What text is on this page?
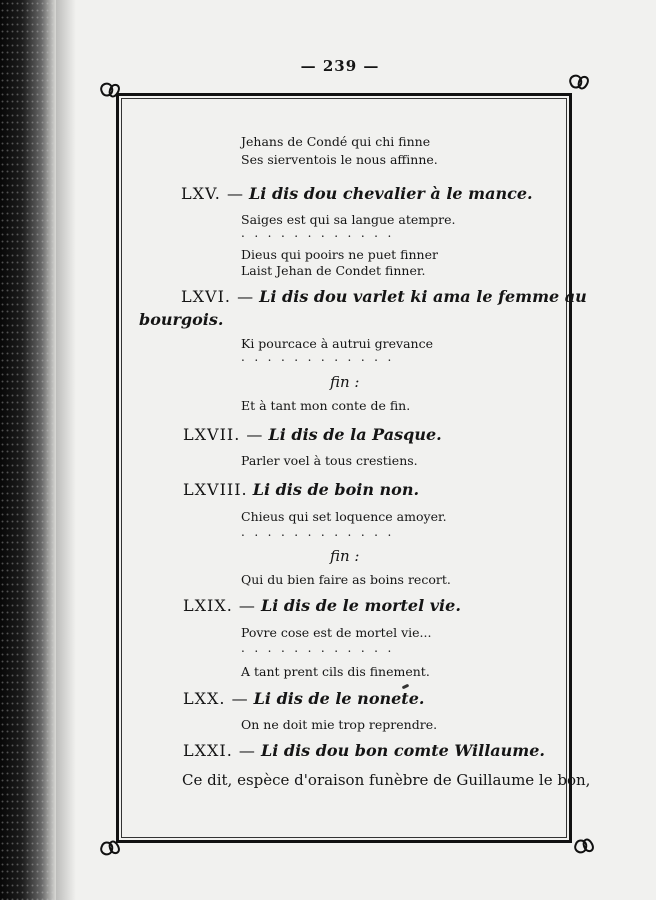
— 239 —

Jehans de Condé qui chi finne

Ses sierventois le nous affinne.

LXV. — Li dis dou chevalier à le mance.

Saiges est qui sa langue atempre.

............

Dieus qui pooirs ne puet finner

Laist Jehan de Condet finner.

LXVI. — Li dis dou varlet ki ama le femme au

bourgois.

Ki pourcace à autrui grevance

............

fin :

Et à tant mon conte de fin.

LXVII. — Li dis de la Pasque.

Parler voel à tous crestiens.

LXVIII. Li dis de boin non.

Chieus qui set loquence amoyer.

............

fin :

Qui du bien faire as boins recort.

LXIX. — Li dis de le mortel vie.

Povre cose est de mortel vie...

............

A tant prent cils dis finement.

LXX. — Li dis de le nonete.

On ne doit mie trop reprendre.

LXXI. — Li dis dou bon comte Willaume.

Ce dit, espèce d'oraison funèbre de Guillaume le bon,
